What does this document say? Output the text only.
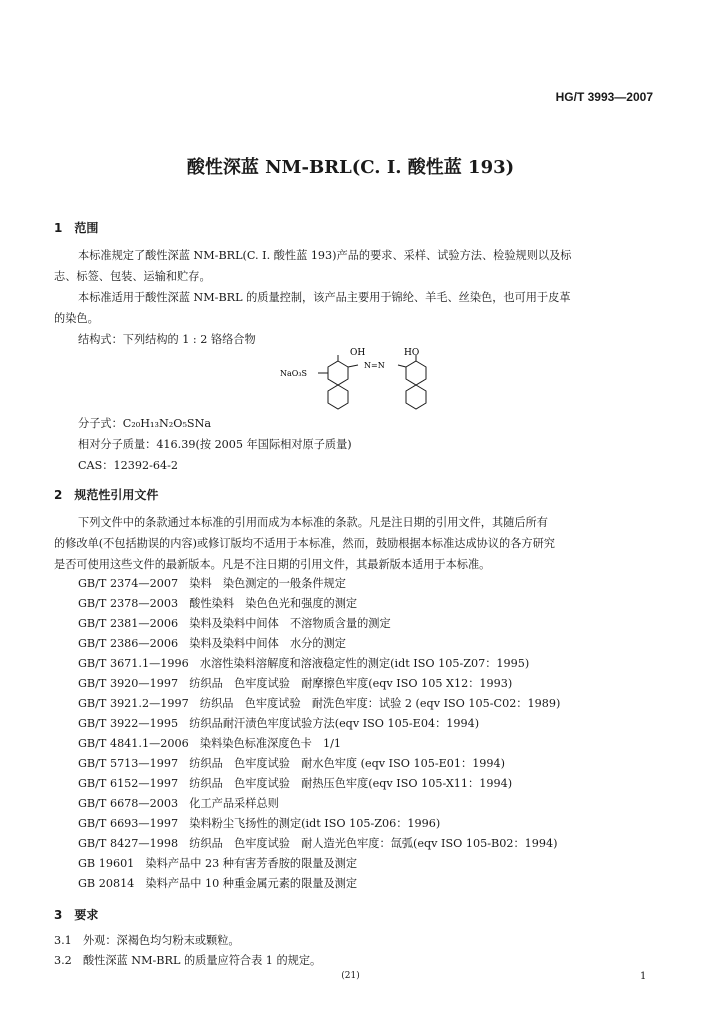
HG/T 3993—2007
酸性深蓝 NM-BRL(C. I. 酸性蓝 193)
1　范围
本标准规定了酸性深蓝 NM-BRL(C. I. 酸性蓝 193)产品的要求、采样、试验方法、检验规则以及标
志、标签、包装、运输和贮存。
本标准适用于酸性深蓝 NM-BRL 的质量控制，该产品主要用于锦纶、羊毛、丝染色，也可用于皮革
的染色。
结构式：下列结构的 1 : 2 铬络合物
OH	HO
NaO₃S
N=N
分子式：C₂₀H₁₃N₂O₅SNa
相对分子质量：416.39(按 2005 年国际相对原子质量)
CAS：12392-64-2
2　规范性引用文件
下列文件中的条款通过本标准的引用而成为本标准的条款。凡是注日期的引用文件，其随后所有
的修改单(不包括勘误的内容)或修订版均不适用于本标准，然而，鼓励根据本标准达成协议的各方研究
是否可使用这些文件的最新版本。凡是不注日期的引用文件，其最新版本适用于本标准。
GB/T 2374—2007　染料　染色测定的一般条件规定
GB/T 2378—2003　酸性染料　染色色光和强度的测定
GB/T 2381—2006　染料及染料中间体　不溶物质含量的测定
GB/T 2386—2006　染料及染料中间体　水分的测定
GB/T 3671.1—1996　水溶性染料溶解度和溶液稳定性的测定(idt ISO 105-Z07：1995)
GB/T 3920—1997　纺织品　色牢度试验　耐摩擦色牢度(eqv ISO 105 X12：1993)
GB/T 3921.2—1997　纺织品　色牢度试验　耐洗色牢度：试验 2 (eqv ISO 105-C02：1989)
GB/T 3922—1995　纺织品耐汗渍色牢度试验方法(eqv ISO 105-E04：1994)
GB/T 4841.1—2006　染料染色标准深度色卡　1/1
GB/T 5713—1997　纺织品　色牢度试验　耐水色牢度 (eqv ISO 105-E01：1994)
GB/T 6152—1997　纺织品　色牢度试验　耐热压色牢度(eqv ISO 105-X11：1994)
GB/T 6678—2003　化工产品采样总则
GB/T 6693—1997　染料粉尘飞扬性的测定(idt ISO 105-Z06：1996)
GB/T 8427—1998　纺织品　色牢度试验　耐人造光色牢度：氙弧(eqv ISO 105-B02：1994)
GB 19601　染料产品中 23 种有害芳香胺的限量及测定
GB 20814　染料产品中 10 种重金属元素的限量及测定
3　要求
3.1　外观：深褐色均匀粉末或颗粒。
3.2　酸性深蓝 NM-BRL 的质量应符合表 1 的规定。
(21)	1
